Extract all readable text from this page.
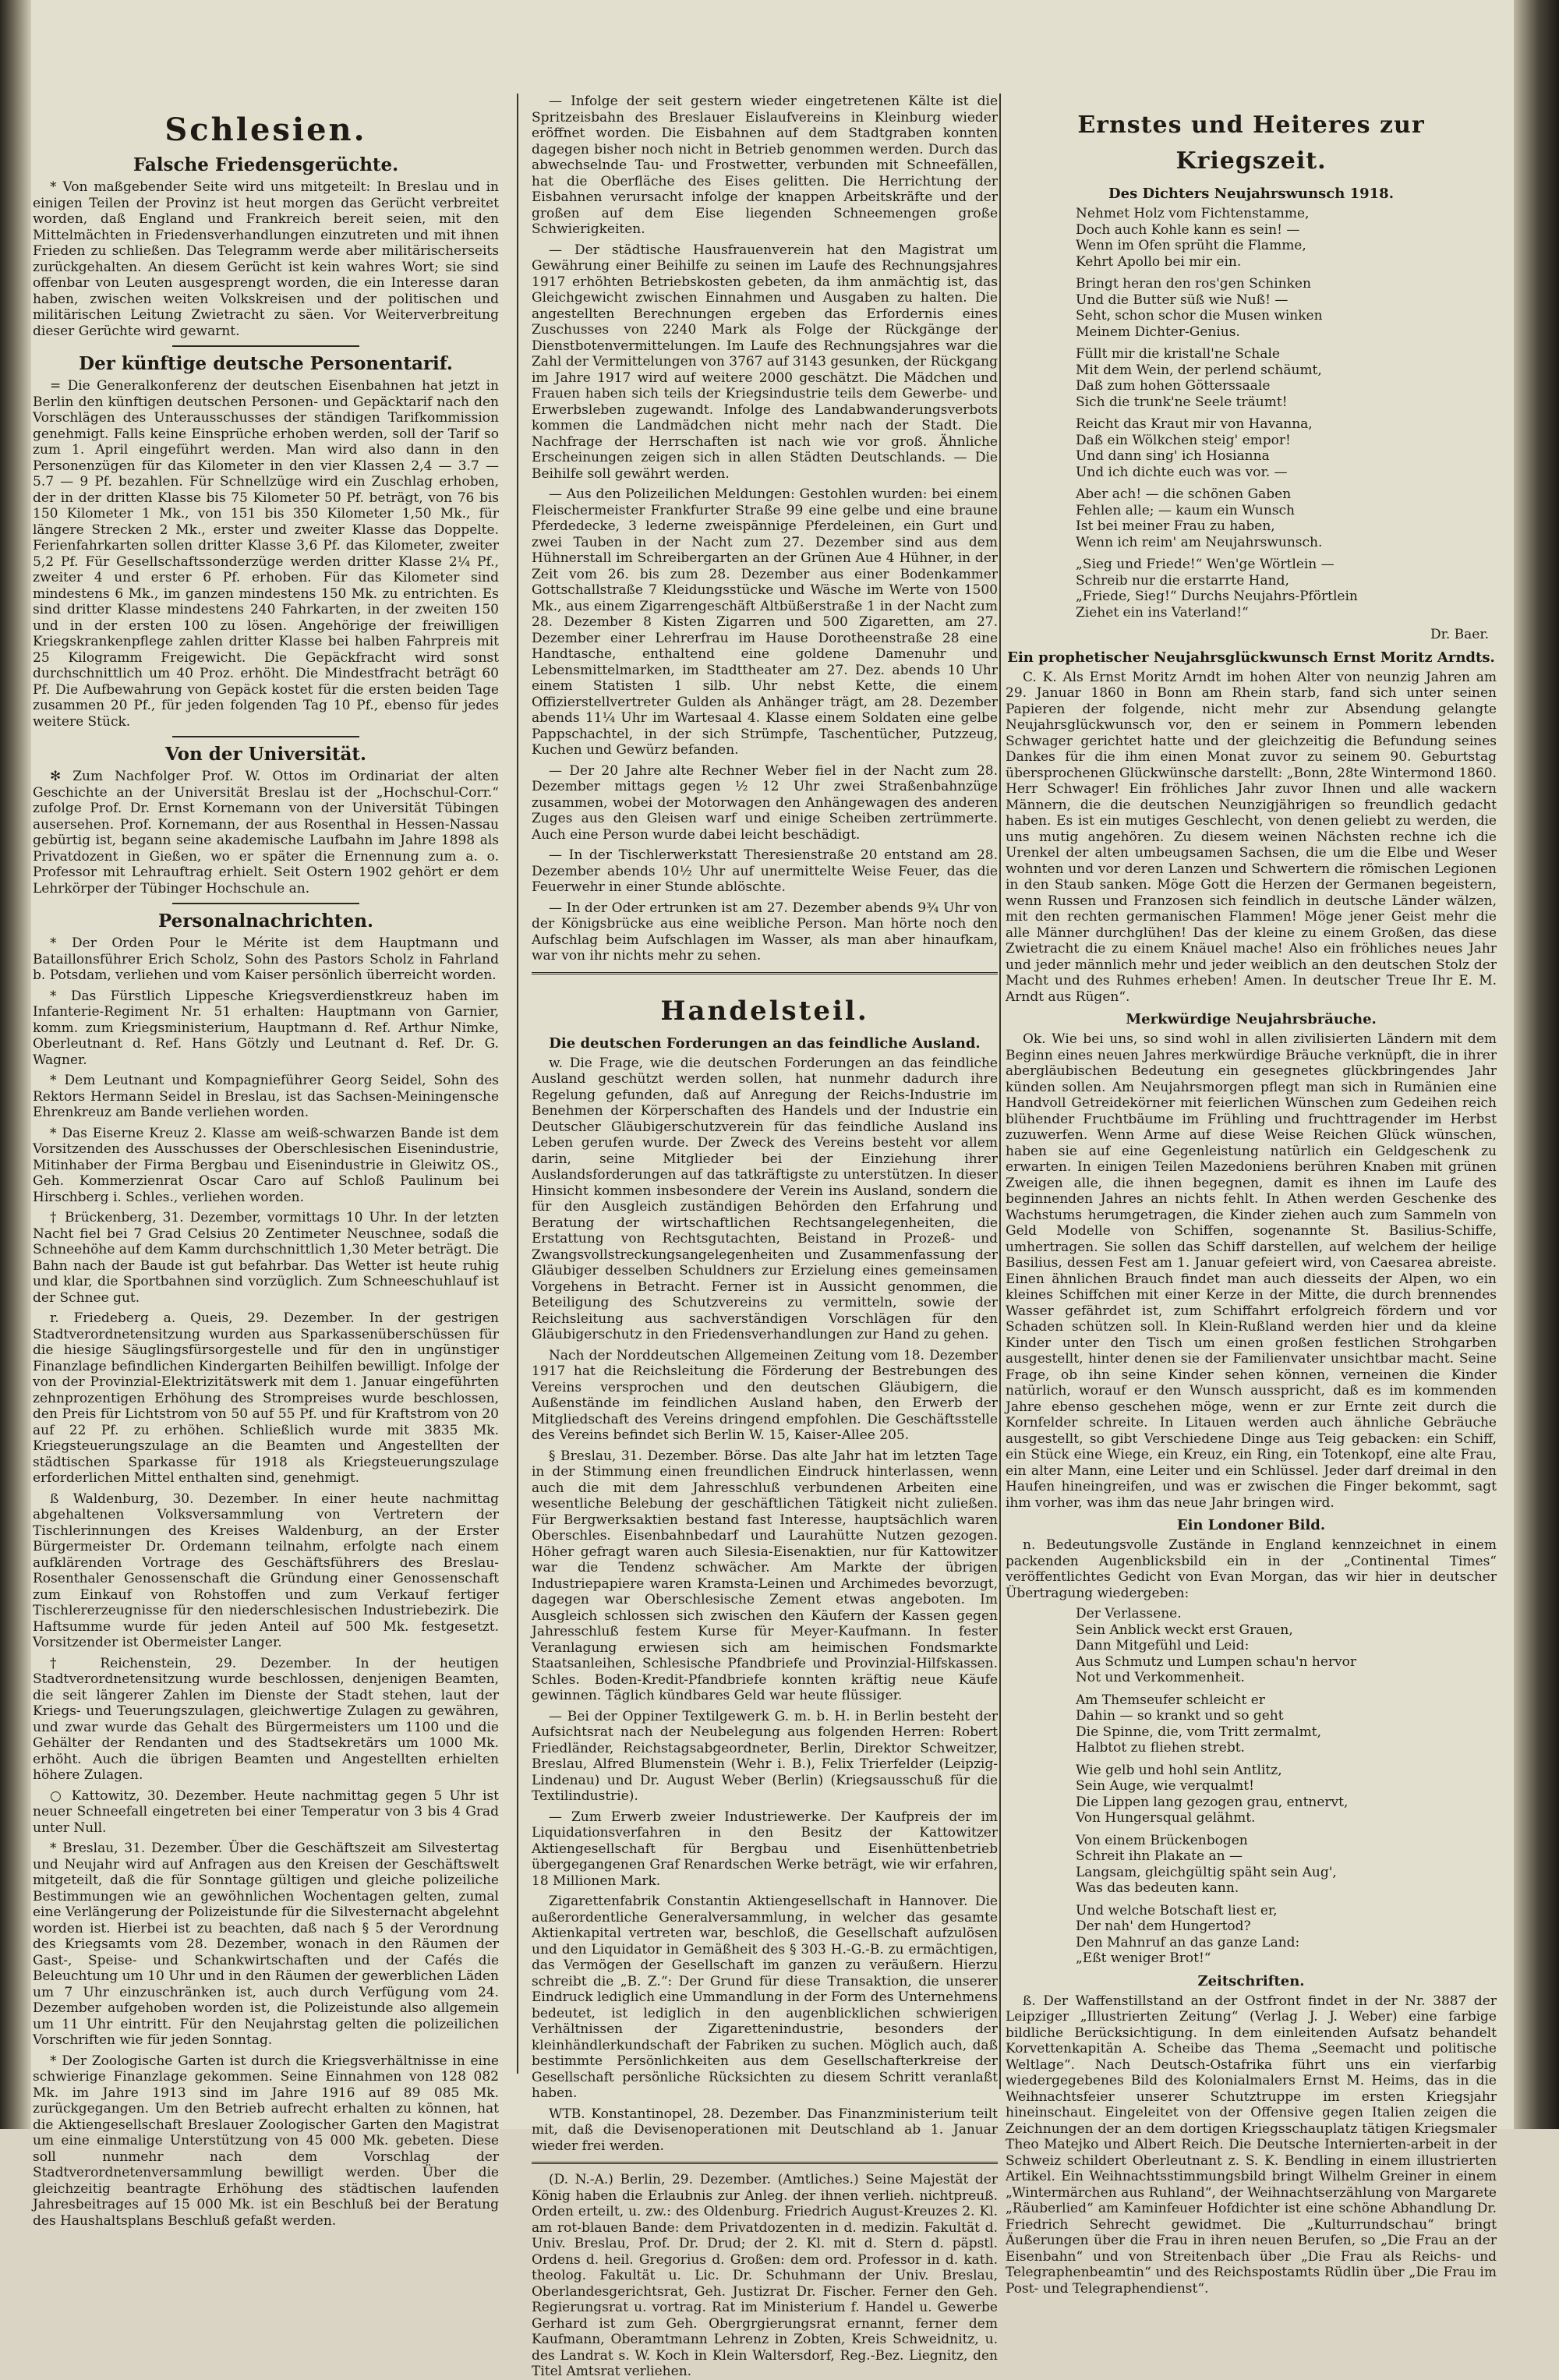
Schlesien.
Falsche Friedensgerüchte.

* Von maßgebender Seite wird uns mitgeteilt: In Breslau und in einigen Teilen der Provinz ist heut morgen das Gerücht verbreitet worden, daß England und Frankreich bereit seien, mit den Mittelmächten in Friedensverhandlungen einzutreten und mit ihnen Frieden zu schließen. Das Telegramm werde aber militärischerseits zurückgehalten. An diesem Gerücht ist kein wahres Wort; sie sind offenbar von Leuten ausgesprengt worden, die ein Interesse daran haben, zwischen weiten Volkskreisen und der politischen und militärischen Leitung Zwietracht zu säen. Vor Weiterverbreitung dieser Gerüchte wird gewarnt.

Der künftige deutsche Personentarif.

= Die Generalkonferenz der deutschen Eisenbahnen hat jetzt in Berlin den künftigen deutschen Personen- und Gepäcktarif nach den Vorschlägen des Unterausschusses der ständigen Tarifkommission genehmigt. Falls keine Einsprüche erhoben werden, soll der Tarif so zum 1. April eingeführt werden. Man wird also dann in den Personenzügen für das Kilometer in den vier Klassen 2,4 — 3.7 — 5.7 — 9 Pf. bezahlen. Für Schnellzüge wird ein Zuschlag erhoben, der in der dritten Klasse bis 75 Kilometer 50 Pf. beträgt, von 76 bis 150 Kilometer 1 Mk., von 151 bis 350 Kilometer 1,50 Mk., für längere Strecken 2 Mk., erster und zweiter Klasse das Doppelte. Ferienfahrkarten sollen dritter Klasse 3,6 Pf. das Kilometer, zweiter 5,2 Pf. Für Gesellschaftssonderzüge werden dritter Klasse 2¼ Pf., zweiter 4 und erster 6 Pf. erhoben. Für das Kilometer sind mindestens 6 Mk., im ganzen mindestens 150 Mk. zu entrichten. Es sind dritter Klasse mindestens 240 Fahrkarten, in der zweiten 150 und in der ersten 100 zu lösen. Angehörige der freiwilligen Kriegskrankenpflege zahlen dritter Klasse bei halben Fahrpreis mit 25 Kilogramm Freigewicht. Die Gepäckfracht wird sonst durchschnittlich um 40 Proz. erhöht. Die Mindestfracht beträgt 60 Pf. Die Aufbewahrung von Gepäck kostet für die ersten beiden Tage zusammen 20 Pf., für jeden folgenden Tag 10 Pf., ebenso für jedes weitere Stück.

Von der Universität.

✻ Zum Nachfolger Prof. W. Ottos im Ordinariat der alten Geschichte an der Universität Breslau ist der „Hochschul-Corr.“ zufolge Prof. Dr. Ernst Kornemann von der Universität Tübingen ausersehen. Prof. Kornemann, der aus Rosenthal in Hessen-Nassau gebürtig ist, begann seine akademische Laufbahn im Jahre 1898 als Privatdozent in Gießen, wo er später die Ernennung zum a. o. Professor mit Lehrauftrag erhielt. Seit Ostern 1902 gehört er dem Lehrkörper der Tübinger Hochschule an.

Personalnachrichten.

* Der Orden Pour le Mérite ist dem Hauptmann und Bataillonsführer Erich Scholz, Sohn des Pastors Scholz in Fahrland b. Potsdam, verliehen und vom Kaiser persönlich überreicht worden.

* Das Fürstlich Lippesche Kriegsverdienstkreuz haben im Infanterie-Regiment Nr. 51 erhalten: Hauptmann von Garnier, komm. zum Kriegsministerium, Hauptmann d. Ref. Arthur Nimke, Oberleutnant d. Ref. Hans Götzly und Leutnant d. Ref. Dr. G. Wagner.

* Dem Leutnant und Kompagnieführer Georg Seidel, Sohn des Rektors Hermann Seidel in Breslau, ist das Sachsen-Meiningensche Ehrenkreuz am Bande verliehen worden.

* Das Eiserne Kreuz 2. Klasse am weiß-schwarzen Bande ist dem Vorsitzenden des Ausschusses der Oberschlesischen Eisenindustrie, Mitinhaber der Firma Bergbau und Eisenindustrie in Gleiwitz OS., Geh. Kommerzienrat Oscar Caro auf Schloß Paulinum bei Hirschberg i. Schles., verliehen worden.

† Brückenberg, 31. Dezember, vormittags 10 Uhr. In der letzten Nacht fiel bei 7 Grad Celsius 20 Zentimeter Neuschnee, sodaß die Schneehöhe auf dem Kamm durchschnittlich 1,30 Meter beträgt. Die Bahn nach der Baude ist gut befahrbar. Das Wetter ist heute ruhig und klar, die Sportbahnen sind vorzüglich. Zum Schneeschuhlauf ist der Schnee gut.

r. Friedeberg a. Queis, 29. Dezember. In der gestrigen Stadtverordnetensitzung wurden aus Sparkassenüberschüssen für die hiesige Säuglingsfürsorgestelle und für den in ungünstiger Finanzlage befindlichen Kindergarten Beihilfen bewilligt. Infolge der von der Provinzial-Elektrizitätswerk mit dem 1. Januar eingeführten zehnprozentigen Erhöhung des Strompreises wurde beschlossen, den Preis für Lichtstrom von 50 auf 55 Pf. und für Kraftstrom von 20 auf 22 Pf. zu erhöhen. Schließlich wurde mit 3835 Mk. Kriegsteuerungszulage an die Beamten und Angestellten der städtischen Sparkasse für 1918 als Kriegsteuerungszulage erforderlichen Mittel enthalten sind, genehmigt.

ß Waldenburg, 30. Dezember. In einer heute nachmittag abgehaltenen Volksversammlung von Vertretern der Tischlerinnungen des Kreises Waldenburg, an der Erster Bürgermeister Dr. Ordemann teilnahm, erfolgte nach einem aufklärenden Vortrage des Geschäftsführers des Breslau-Rosenthaler Genossenschaft die Gründung einer Genossenschaft zum Einkauf von Rohstoffen und zum Verkauf fertiger Tischlererzeugnisse für den niederschlesischen Industriebezirk. Die Haftsumme wurde für jeden Anteil auf 500 Mk. festgesetzt. Vorsitzender ist Obermeister Langer.

† Reichenstein, 29. Dezember. In der heutigen Stadtverordnetensitzung wurde beschlossen, denjenigen Beamten, die seit längerer Zahlen im Dienste der Stadt stehen, laut der Kriegs- und Teuerungszulagen, gleichwertige Zulagen zu gewähren, und zwar wurde das Gehalt des Bürgermeisters um 1100 und die Gehälter der Rendanten und des Stadtsekretärs um 1000 Mk. erhöht. Auch die übrigen Beamten und Angestellten erhielten höhere Zulagen.

○ Kattowitz, 30. Dezember. Heute nachmittag gegen 5 Uhr ist neuer Schneefall eingetreten bei einer Temperatur von 3 bis 4 Grad unter Null.

* Breslau, 31. Dezember. Über die Geschäftszeit am Silvestertag und Neujahr wird auf Anfragen aus den Kreisen der Geschäftswelt mitgeteilt, daß die für Sonntage gültigen und gleiche polizeiliche Bestimmungen wie an gewöhnlichen Wochentagen gelten, zumal eine Verlängerung der Polizeistunde für die Silvesternacht abgelehnt worden ist. Hierbei ist zu beachten, daß nach § 5 der Verordnung des Kriegsamts vom 28. Dezember, wonach in den Räumen der Gast-, Speise- und Schankwirtschaften und der Cafés die Beleuchtung um 10 Uhr und in den Räumen der gewerblichen Läden um 7 Uhr einzuschränken ist, auch durch Verfügung vom 24. Dezember aufgehoben worden ist, die Polizeistunde also allgemein um 11 Uhr eintritt. Für den Neujahrstag gelten die polizeilichen Vorschriften wie für jeden Sonntag.

* Der Zoologische Garten ist durch die Kriegsverhältnisse in eine schwierige Finanzlage gekommen. Seine Einnahmen von 128 082 Mk. im Jahre 1913 sind im Jahre 1916 auf 89 085 Mk. zurückgegangen. Um den Betrieb aufrecht erhalten zu können, hat die Aktiengesellschaft Breslauer Zoologischer Garten den Magistrat um eine einmalige Unterstützung von 45 000 Mk. gebeten. Diese soll nunmehr nach dem Vorschlag der Stadtverordnetenversammlung bewilligt werden. Über die gleichzeitig beantragte Erhöhung des städtischen laufenden Jahresbeitrages auf 15 000 Mk. ist ein Beschluß bei der Beratung des Haushaltsplans Beschluß gefaßt werden.

— Infolge der seit gestern wieder eingetretenen Kälte ist die Spritzeisbahn des Breslauer Eislaufvereins in Kleinburg wieder eröffnet worden. Die Eisbahnen auf dem Stadtgraben konnten dagegen bisher noch nicht in Betrieb genommen werden. Durch das abwechselnde Tau- und Frostwetter, verbunden mit Schneefällen, hat die Oberfläche des Eises gelitten. Die Herrichtung der Eisbahnen verursacht infolge der knappen Arbeitskräfte und der großen auf dem Eise liegenden Schneemengen große Schwierigkeiten.

— Der städtische Hausfrauenverein hat den Magistrat um Gewährung einer Beihilfe zu seinen im Laufe des Rechnungsjahres 1917 erhöhten Betriebskosten gebeten, da ihm anmächtig ist, das Gleichgewicht zwischen Einnahmen und Ausgaben zu halten. Die angestellten Berechnungen ergeben das Erfordernis eines Zuschusses von 2240 Mark als Folge der Rückgänge der Dienstbotenvermittelungen. Im Laufe des Rechnungsjahres war die Zahl der Vermittelungen von 3767 auf 3143 gesunken, der Rückgang im Jahre 1917 wird auf weitere 2000 geschätzt. Die Mädchen und Frauen haben sich teils der Kriegsindustrie teils dem Gewerbe- und Erwerbsleben zugewandt. Infolge des Landabwanderungsverbots kommen die Landmädchen nicht mehr nach der Stadt. Die Nachfrage der Herrschaften ist nach wie vor groß. Ähnliche Erscheinungen zeigen sich in allen Städten Deutschlands. — Die Beihilfe soll gewährt werden.

— Aus den Polizeilichen Meldungen: Gestohlen wurden: bei einem Fleischermeister Frankfurter Straße 99 eine gelbe und eine braune Pferdedecke, 3 lederne zweispännige Pferdeleinen, ein Gurt und zwei Tauben in der Nacht zum 27. Dezember sind aus dem Hühnerstall im Schreibergarten an der Grünen Aue 4 Hühner, in der Zeit vom 26. bis zum 28. Dezember aus einer Bodenkammer Gottschallstraße 7 Kleidungsstücke und Wäsche im Werte von 1500 Mk., aus einem Zigarrengeschäft Altbüßerstraße 1 in der Nacht zum 28. Dezember 8 Kisten Zigarren und 500 Zigaretten, am 27. Dezember einer Lehrerfrau im Hause Dorotheenstraße 28 eine Handtasche, enthaltend eine goldene Damenuhr und Lebensmittelmarken, im Stadttheater am 27. Dez. abends 10 Uhr einem Statisten 1 silb. Uhr nebst Kette, die einem Offizierstellvertreter Gulden als Anhänger trägt, am 28. Dezember abends 11¼ Uhr im Wartesaal 4. Klasse einem Soldaten eine gelbe Pappschachtel, in der sich Strümpfe, Taschentücher, Putzzeug, Kuchen und Gewürz befanden.

— Der 20 Jahre alte Rechner Weber fiel in der Nacht zum 28. Dezember mittags gegen ½ 12 Uhr zwei Straßenbahnzüge zusammen, wobei der Motorwagen den Anhängewagen des anderen Zuges aus den Gleisen warf und einige Scheiben zertrümmerte. Auch eine Person wurde dabei leicht beschädigt.

— In der Tischlerwerkstatt Theresienstraße 20 entstand am 28. Dezember abends 10½ Uhr auf unermittelte Weise Feuer, das die Feuerwehr in einer Stunde ablöschte.

— In der Oder ertrunken ist am 27. Dezember abends 9¾ Uhr von der Königsbrücke aus eine weibliche Person. Man hörte noch den Aufschlag beim Aufschlagen im Wasser, als man aber hinaufkam, war von ihr nichts mehr zu sehen.

Handelsteil.
Die deutschen Forderungen an das feindliche Ausland.

w. Die Frage, wie die deutschen Forderungen an das feindliche Ausland geschützt werden sollen, hat nunmehr dadurch ihre Regelung gefunden, daß auf Anregung der Reichs-Industrie im Benehmen der Körperschaften des Handels und der Industrie ein Deutscher Gläubigerschutzverein für das feindliche Ausland ins Leben gerufen wurde. Der Zweck des Vereins besteht vor allem darin, seine Mitglieder bei der Einziehung ihrer Auslandsforderungen auf das tatkräftigste zu unterstützen. In dieser Hinsicht kommen insbesondere der Verein ins Ausland, sondern die für den Ausgleich zuständigen Behörden den Erfahrung und Beratung der wirtschaftlichen Rechtsangelegenheiten, die Erstattung von Rechtsgutachten, Beistand in Prozeß- und Zwangsvollstreckungsangelegenheiten und Zusammenfassung der Gläubiger desselben Schuldners zur Erzielung eines gemeinsamen Vorgehens in Betracht. Ferner ist in Aussicht genommen, die Beteiligung des Schutzvereins zu vermitteln, sowie der Reichsleitung aus sachverständigen Vorschlägen für den Gläubigerschutz in den Friedensverhandlungen zur Hand zu gehen.

Nach der Norddeutschen Allgemeinen Zeitung vom 18. Dezember 1917 hat die Reichsleitung die Förderung der Bestrebungen des Vereins versprochen und den deutschen Gläubigern, die Außenstände im feindlichen Ausland haben, den Erwerb der Mitgliedschaft des Vereins dringend empfohlen. Die Geschäftsstelle des Vereins befindet sich Berlin W. 15, Kaiser-Allee 205.

§ Breslau, 31. Dezember. Börse. Das alte Jahr hat im letzten Tage in der Stimmung einen freundlichen Eindruck hinterlassen, wenn auch die mit dem Jahresschluß verbundenen Arbeiten eine wesentliche Belebung der geschäftlichen Tätigkeit nicht zuließen. Für Bergwerksaktien bestand fast Interesse, hauptsächlich waren Oberschles. Eisenbahnbedarf und Laurahütte Nutzen gezogen. Höher gefragt waren auch Silesia-Eisenaktien, nur für Kattowitzer war die Tendenz schwächer. Am Markte der übrigen Industriepapiere waren Kramsta-Leinen und Archimedes bevorzugt, dagegen war Oberschlesische Zement etwas angeboten. Im Ausgleich schlossen sich zwischen den Käufern der Kassen gegen Jahresschluß festem Kurse für Meyer-Kaufmann. In fester Veranlagung erwiesen sich am heimischen Fondsmarkte Staatsanleihen, Schlesische Pfandbriefe und Provinzial-Hilfskassen. Schles. Boden-Kredit-Pfandbriefe konnten kräftig neue Käufe gewinnen. Täglich kündbares Geld war heute flüssiger.

— Bei der Oppiner Textilgewerk G. m. b. H. in Berlin besteht der Aufsichtsrat nach der Neubelegung aus folgenden Herren: Robert Friedländer, Reichstagsabgeordneter, Berlin, Direktor Schweitzer, Breslau, Alfred Blumenstein (Wehr i. B.), Felix Trierfelder (Leipzig-Lindenau) und Dr. August Weber (Berlin) (Kriegsausschuß für die Textilindustrie).

— Zum Erwerb zweier Industriewerke. Der Kaufpreis der im Liquidationsverfahren in den Besitz der Kattowitzer Aktiengesellschaft für Bergbau und Eisenhüttenbetrieb übergegangenen Graf Renardschen Werke beträgt, wie wir erfahren, 18 Millionen Mark.

Zigarettenfabrik Constantin Aktiengesellschaft in Hannover. Die außerordentliche Generalversammlung, in welcher das gesamte Aktienkapital vertreten war, beschloß, die Gesellschaft aufzulösen und den Liquidator in Gemäßheit des § 303 H.-G.-B. zu ermächtigen, das Vermögen der Gesellschaft im ganzen zu veräußern. Hierzu schreibt die „B. Z.“: Der Grund für diese Transaktion, die unserer Eindruck lediglich eine Ummandlung in der Form des Unternehmens bedeutet, ist lediglich in den augenblicklichen schwierigen Verhältnissen der Zigarettenindustrie, besonders der kleinhändlerkundschaft der Fabriken zu suchen. Möglich auch, daß bestimmte Persönlichkeiten aus dem Gesellschafterkreise der Gesellschaft persönliche Rücksichten zu diesem Schritt veranlaßt haben.

WTB. Konstantinopel, 28. Dezember. Das Finanzministerium teilt mit, daß die Devisenoperationen mit Deutschland ab 1. Januar wieder frei werden.

(D. N.-A.) Berlin, 29. Dezember. (Amtliches.) Seine Majestät der König haben die Erlaubnis zur Anleg. der ihnen verlieh. nichtpreuß. Orden erteilt, u. zw.: des Oldenburg. Friedrich August-Kreuzes 2. Kl. am rot-blauen Bande: dem Privatdozenten in d. medizin. Fakultät d. Univ. Breslau, Prof. Dr. Drud; der 2. Kl. mit d. Stern d. päpstl. Ordens d. heil. Gregorius d. Großen: dem ord. Professor in d. kath. theolog. Fakultät u. Lic. Dr. Schuhmann der Univ. Breslau, Oberlandesgerichtsrat, Geh. Justizrat Dr. Fischer. Ferner den Geh. Regierungsrat u. vortrag. Rat im Ministerium f. Handel u. Gewerbe Gerhard ist zum Geh. Obergrgierungsrat ernannt, ferner dem Kaufmann, Oberamtmann Lehrenz in Zobten, Kreis Schweidnitz, u. des Landrat s. W. Koch in Klein Waltersdorf, Reg.-Bez. Liegnitz, den Titel Amtsrat verliehen.

Ernstes und Heiteres zur Kriegszeit.
Des Dichters Neujahrswunsch 1918.
Nehmet Holz vom Fichtenstamme,
Doch auch Kohle kann es sein! —
Wenn im Ofen sprüht die Flamme,
Kehrt Apollo bei mir ein.
Bringt heran den ros'gen Schinken
Und die Butter süß wie Nuß! —
Seht, schon schor die Musen winken
Meinem Dichter-Genius.
Füllt mir die kristall'ne Schale
Mit dem Wein, der perlend schäumt,
Daß zum hohen Götterssaale
Sich die trunk'ne Seele träumt!
Reicht das Kraut mir von Havanna,
Daß ein Wölkchen steig' empor!
Und dann sing' ich Hosianna
Und ich dichte euch was vor. —
Aber ach! — die schönen Gaben
Fehlen alle; — kaum ein Wunsch
Ist bei meiner Frau zu haben,
Wenn ich reim' am Neujahrswunsch.
„Sieg und Friede!“ Wen'ge Wörtlein —
Schreib nur die erstarrte Hand,
„Friede, Sieg!“ Durchs Neujahrs-Pförtlein
Ziehet ein ins Vaterland!“
Dr. Baer.
Ein prophetischer Neujahrsglückwunsch Ernst Moritz Arndts.

C. K. Als Ernst Moritz Arndt im hohen Alter von neunzig Jahren am 29. Januar 1860 in Bonn am Rhein starb, fand sich unter seinen Papieren der folgende, nicht mehr zur Absendung gelangte Neujahrsglückwunsch vor, den er seinem in Pommern lebenden Schwager gerichtet hatte und der gleichzeitig die Befundung seines Dankes für die ihm einen Monat zuvor zu seinem 90. Geburtstag übersprochenen Glückwünsche darstellt: „Bonn, 28te Wintermond 1860. Herr Schwager! Ein fröhliches Jahr zuvor Ihnen und alle wackern Männern, die die deutschen Neunzigjährigen so freundlich gedacht haben. Es ist ein mutiges Geschlecht, von denen geliebt zu werden, die uns mutig angehören. Zu diesem weinen Nächsten rechne ich die Urenkel der alten umbeugsamen Sachsen, die um die Elbe und Weser wohnten und vor deren Lanzen und Schwertern die römischen Legionen in den Staub sanken. Möge Gott die Herzen der Germanen begeistern, wenn Russen und Franzosen sich feindlich in deutsche Länder wälzen, mit den rechten germanischen Flammen! Möge jener Geist mehr die alle Männer durchglühen! Das der kleine zu einem Großen, das diese Zwietracht die zu einem Knäuel mache! Also ein fröhliches neues Jahr und jeder männlich mehr und jeder weiblich an den deutschen Stolz der Macht und des Ruhmes erheben! Amen. In deutscher Treue Ihr E. M. Arndt aus Rügen“.

Merkwürdige Neujahrsbräuche.

Ok. Wie bei uns, so sind wohl in allen zivilisierten Ländern mit dem Beginn eines neuen Jahres merkwürdige Bräuche verknüpft, die in ihrer abergläubischen Bedeutung ein gesegnetes glückbringendes Jahr künden sollen. Am Neujahrsmorgen pflegt man sich in Rumänien eine Handvoll Getreidekörner mit feierlichen Wünschen zum Gedeihen reich blühender Fruchtbäume im Frühling und fruchttragender im Herbst zuzuwerfen. Wenn Arme auf diese Weise Reichen Glück wünschen, haben sie auf eine Gegenleistung natürlich ein Geldgeschenk zu erwarten. In einigen Teilen Mazedoniens berühren Knaben mit grünen Zweigen alle, die ihnen begegnen, damit es ihnen im Laufe des beginnenden Jahres an nichts fehlt. In Athen werden Geschenke des Wachstums herumgetragen, die Kinder ziehen auch zum Sammeln von Geld Modelle von Schiffen, sogenannte St. Basilius-Schiffe, umhertragen. Sie sollen das Schiff darstellen, auf welchem der heilige Basilius, dessen Fest am 1. Januar gefeiert wird, von Caesarea abreiste. Einen ähnlichen Brauch findet man auch diesseits der Alpen, wo ein kleines Schiffchen mit einer Kerze in der Mitte, die durch brennendes Wasser gefährdet ist, zum Schiffahrt erfolgreich fördern und vor Schaden schützen soll. In Klein-Rußland werden hier und da kleine Kinder unter den Tisch um einen großen festlichen Strohgarben ausgestellt, hinter denen sie der Familienvater unsichtbar macht. Seine Frage, ob ihn seine Kinder sehen können, verneinen die Kinder natürlich, worauf er den Wunsch ausspricht, daß es im kommenden Jahre ebenso geschehen möge, wenn er zur Ernte zeit durch die Kornfelder schreite. In Litauen werden auch ähnliche Gebräuche ausgestellt, so gibt Verschiedene Dinge aus Teig gebacken: ein Schiff, ein Stück eine Wiege, ein Kreuz, ein Ring, ein Totenkopf, eine alte Frau, ein alter Mann, eine Leiter und ein Schlüssel. Jeder darf dreimal in den Haufen hineingreifen, und was er zwischen die Finger bekommt, sagt ihm vorher, was ihm das neue Jahr bringen wird.

Ein Londoner Bild.

n. Bedeutungsvolle Zustände in England kennzeichnet in einem packenden Augenblicksbild ein in der „Continental Times“ veröffentlichtes Gedicht von Evan Morgan, das wir hier in deutscher Übertragung wiedergeben:

Der Verlassene.
Sein Anblick weckt erst Grauen,
Dann Mitgefühl und Leid:
Aus Schmutz und Lumpen schau'n hervor
Not und Verkommenheit.
Am Themseufer schleicht er
Dahin — so krankt und so geht
Die Spinne, die, vom Tritt zermalmt,
Halbtot zu fliehen strebt.
Wie gelb und hohl sein Antlitz,
Sein Auge, wie verqualmt!
Die Lippen lang gezogen grau, entnervt,
Von Hungersqual gelähmt.
Von einem Brückenbogen
Schreit ihn Plakate an —
Langsam, gleichgültig späht sein Aug',
Was das bedeuten kann.
Und welche Botschaft liest er,
Der nah' dem Hungertod?
Den Mahnruf an das ganze Land:
„Eßt weniger Brot!“
Zeitschriften.

ß. Der Waffenstillstand an der Ostfront findet in der Nr. 3887 der Leipziger „Illustrierten Zeitung“ (Verlag J. J. Weber) eine farbige bildliche Berücksichtigung. In dem einleitenden Aufsatz behandelt Korvettenkapitän A. Scheibe das Thema „Seemacht und politische Weltlage“. Nach Deutsch-Ostafrika führt uns ein vierfarbig wiedergegebenes Bild des Kolonialmalers Ernst M. Heims, das in die Weihnachtsfeier unserer Schutztruppe im ersten Kriegsjahr hineinschaut. Eingeleitet von der Offensive gegen Italien zeigen die Zeichnungen der an dem dortigen Kriegsschauplatz tätigen Kriegsmaler Theo Matejko und Albert Reich. Die Deutsche Internierten-arbeit in der Schweiz schildert Oberleutnant z. S. K. Bendling in einem illustrierten Artikel. Ein Weihnachtsstimmungsbild bringt Wilhelm Greiner in einem „Wintermärchen aus Ruhland“, der Weihnachtserzählung von Margarete „Räuberlied“ am Kaminfeuer Hofdichter ist eine schöne Abhandlung Dr. Friedrich Sehrecht gewidmet. Die „Kulturrundschau“ bringt Äußerungen über die Frau in ihren neuen Berufen, so „Die Frau an der Eisenbahn“ und von Streitenbach über „Die Frau als Reichs- und Telegraphenbeamtin“ und des Reichspostamts Rüdlin über „Die Frau im Post- und Telegraphendienst“.
